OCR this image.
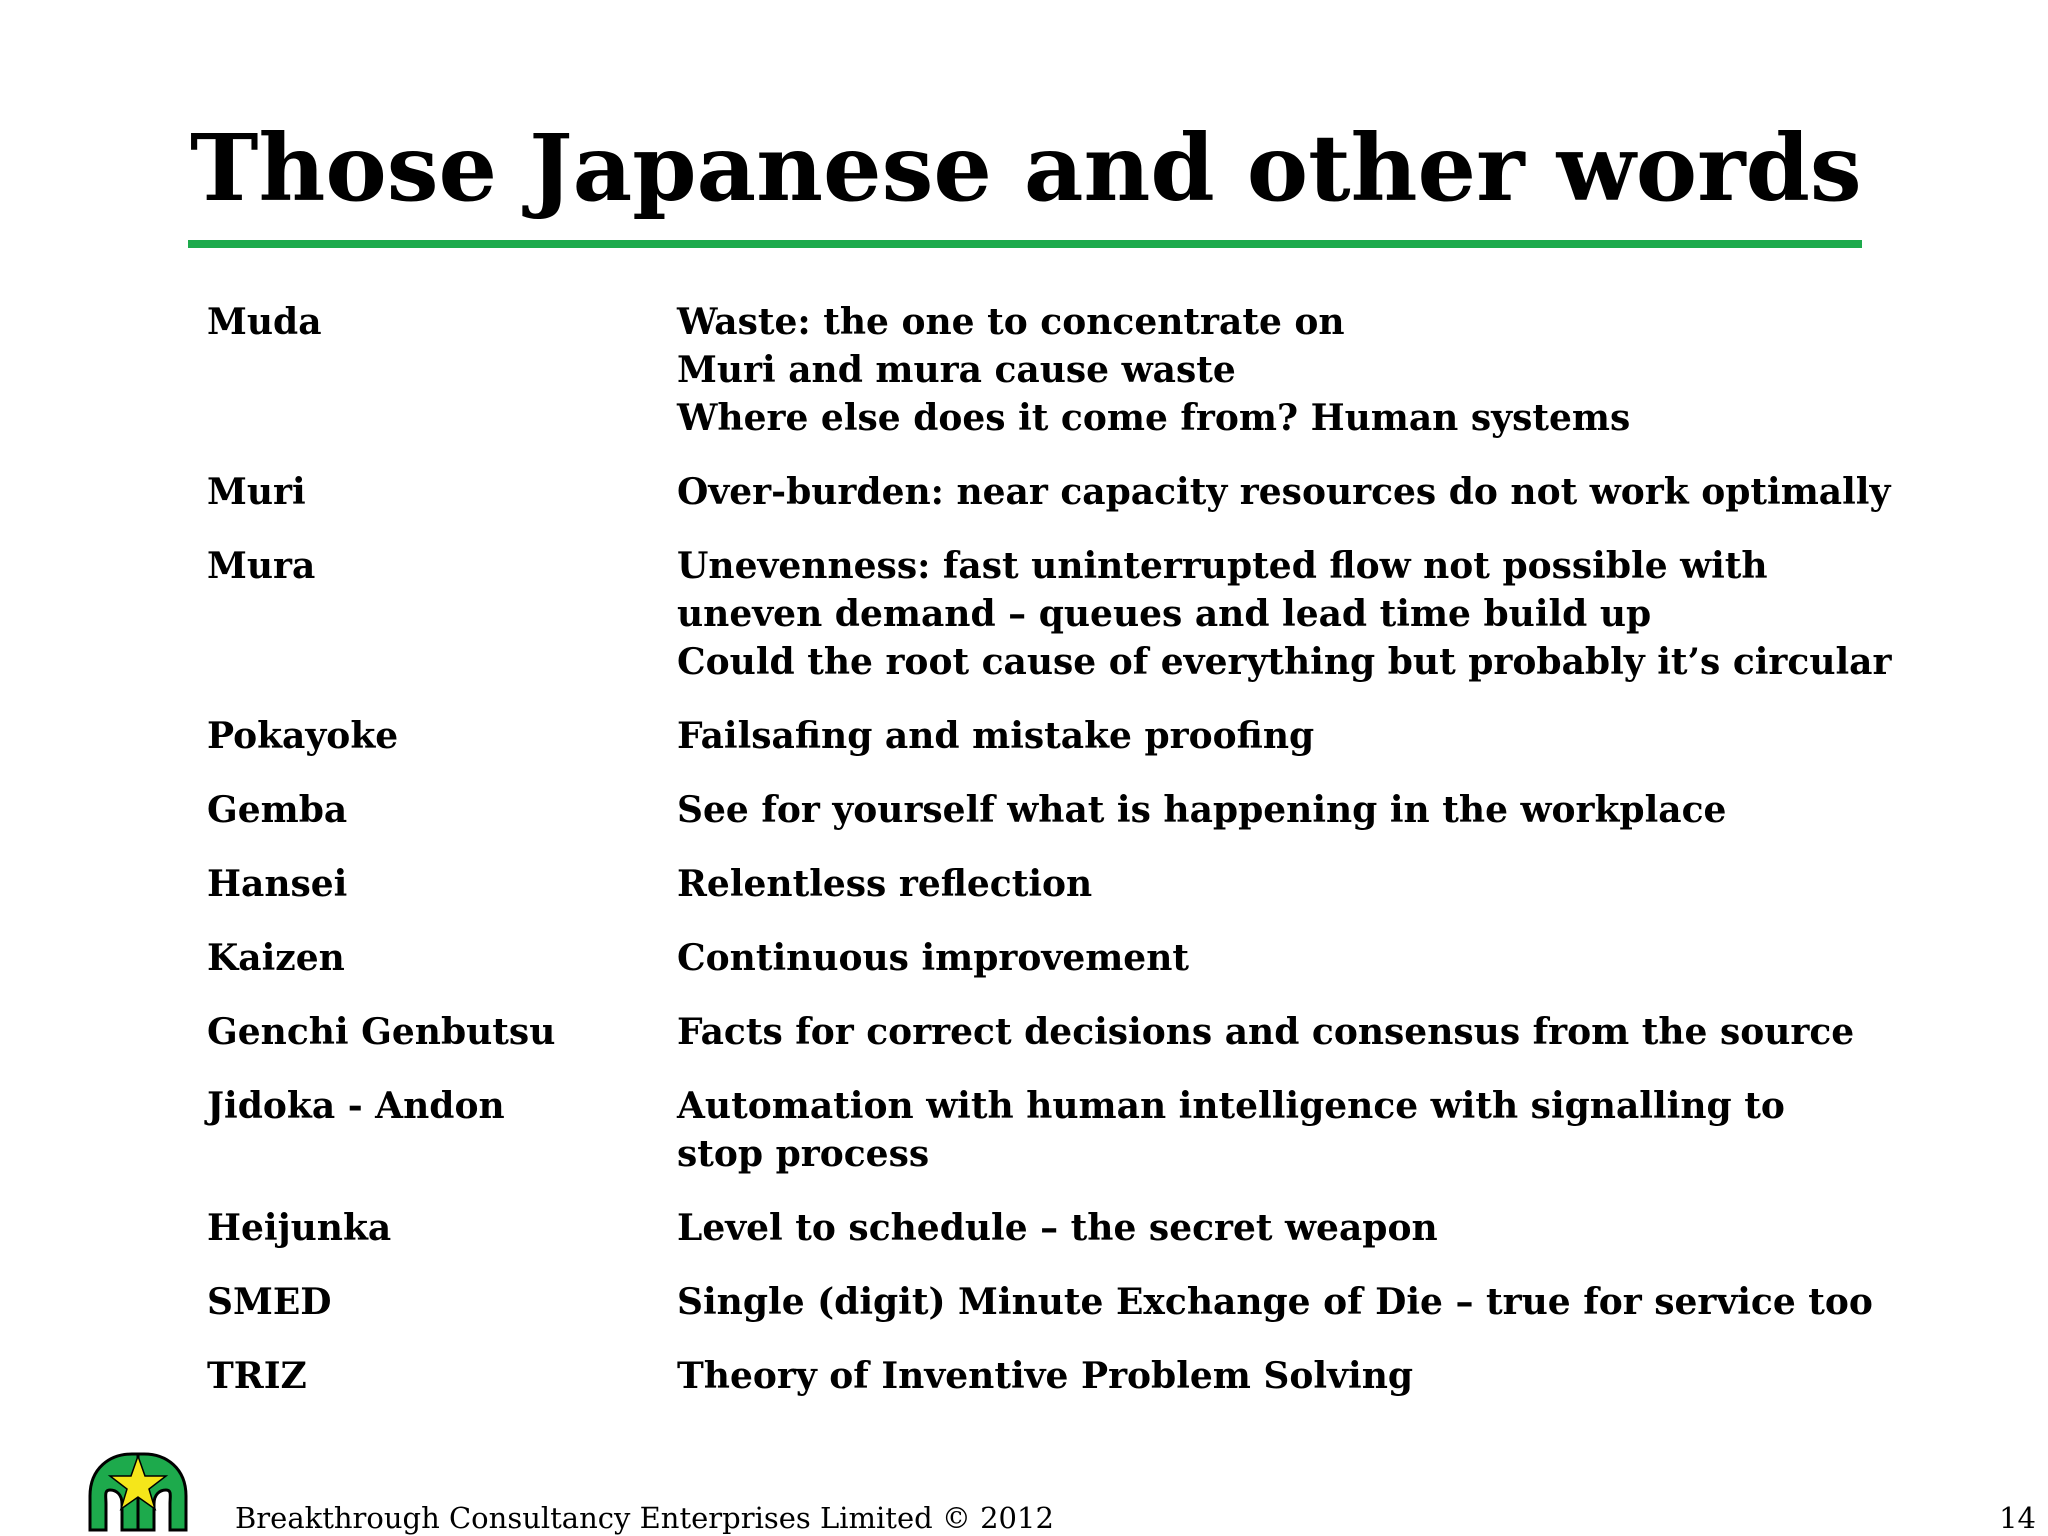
Those Japanese and other words
Muda	Waste: the one to concentrate on
Muri and mura cause waste
Where else does it come from? Human systems
Muri	Over-burden: near capacity resources do not work optimally
Mura	Unevenness: fast uninterrupted flow not possible with
uneven demand – queues and lead time build up
Could the root cause of everything but probably it’s circular
Pokayoke	Failsafing and mistake proofing
Gemba	See for yourself what is happening in the workplace
Hansei	Relentless reflection
Kaizen	Continuous improvement
Genchi Genbutsu	Facts for correct decisions and consensus from the source
Jidoka - Andon	Automation with human intelligence with signalling to
stop process
Heijunka	Level to schedule – the secret weapon
SMED	Single (digit) Minute Exchange of Die – true for service too
TRIZ	Theory of Inventive Problem Solving
Breakthrough Consultancy Enterprises Limited © 2012	14
